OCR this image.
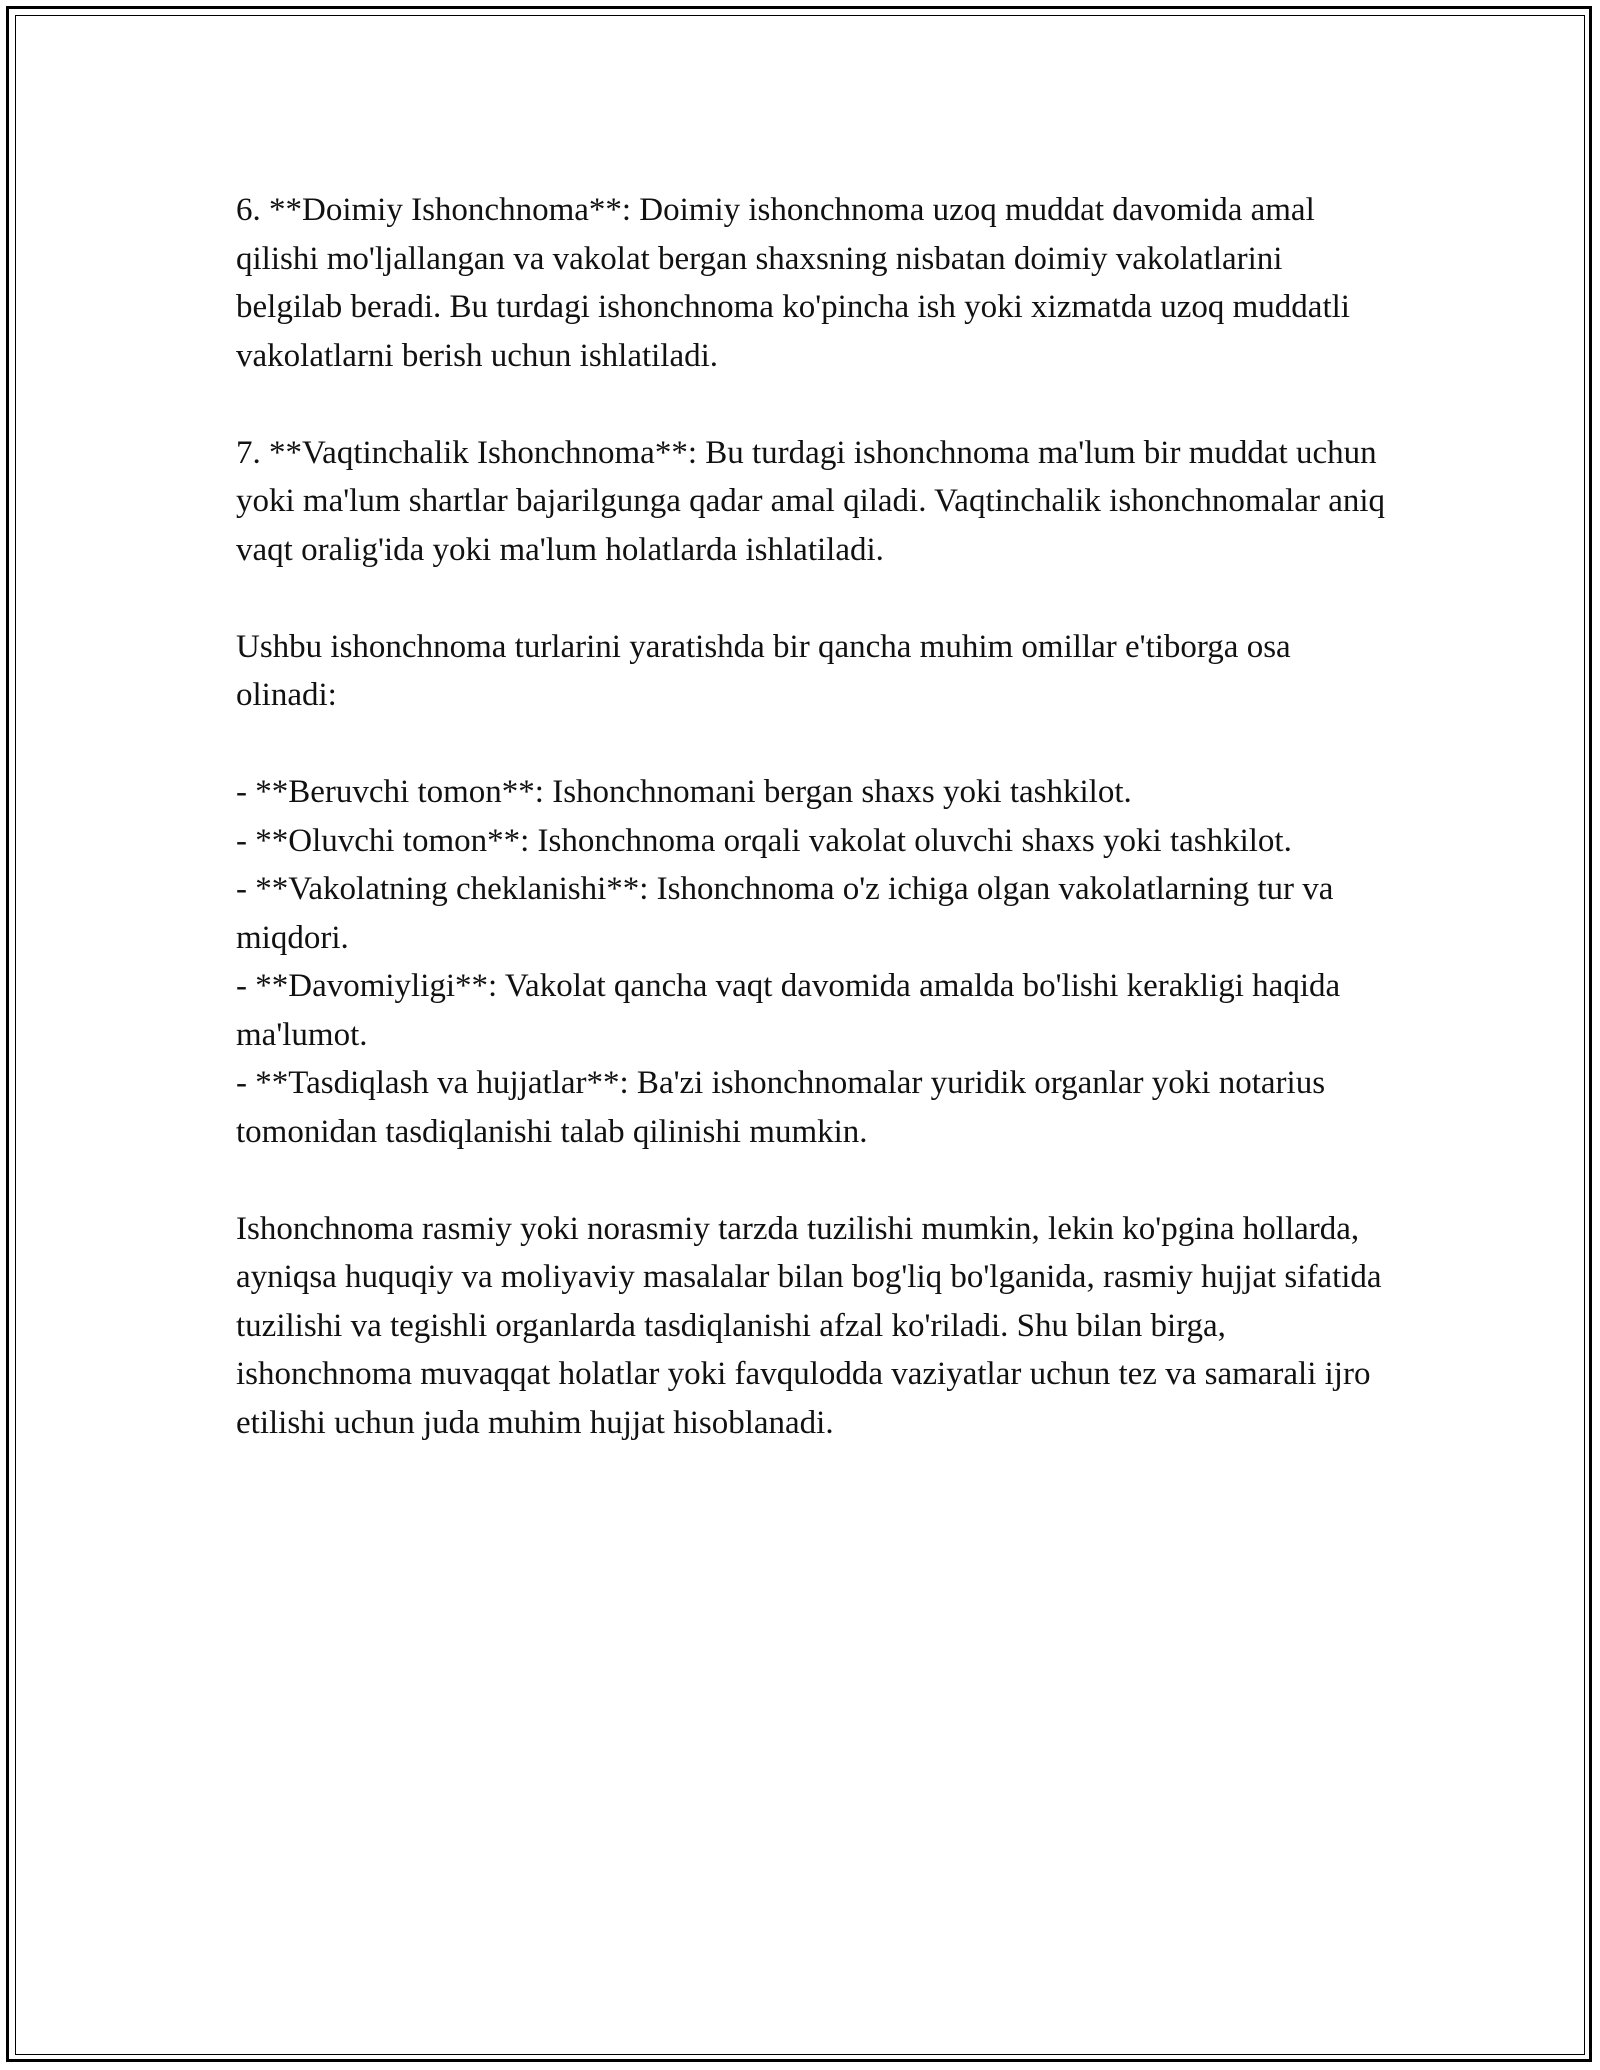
6. **Doimiy Ishonchnoma**: Doimiy ishonchnoma uzoq muddat davomida amal qilishi mo'ljallangan va vakolat bergan shaxsning nisbatan doimiy vakolatlarini belgilab beradi. Bu turdagi ishonchnoma ko'pincha ish yoki xizmatda uzoq muddatli vakolatlarni berish uchun ishlatiladi.

7. **Vaqtinchalik Ishonchnoma**: Bu turdagi ishonchnoma ma'lum bir muddat uchun yoki ma'lum shartlar bajarilgunga qadar amal qiladi. Vaqtinchalik ishonchnomalar aniq vaqt oralig'ida yoki ma'lum holatlarda ishlatiladi.

Ushbu ishonchnoma turlarini yaratishda bir qancha muhim omillar e'tiborga osa olinadi:

- **Beruvchi tomon**: Ishonchnomani bergan shaxs yoki tashkilot.
- **Oluvchi tomon**: Ishonchnoma orqali vakolat oluvchi shaxs yoki tashkilot.
- **Vakolatning cheklanishi**: Ishonchnoma o'z ichiga olgan vakolatlarning tur va miqdori.
- **Davomiyligi**: Vakolat qancha vaqt davomida amalda bo'lishi kerakligi haqida ma'lumot.
- **Tasdiqlash va hujjatlar**: Ba'zi ishonchnomalar yuridik organlar yoki notarius tomonidan tasdiqlanishi talab qilinishi mumkin.

Ishonchnoma rasmiy yoki norasmiy tarzda tuzilishi mumkin, lekin ko'pgina hollarda, ayniqsa huquqiy va moliyaviy masalalar bilan bog'liq bo'lganida, rasmiy hujjat sifatida tuzilishi va tegishli organlarda tasdiqlanishi afzal ko'riladi. Shu bilan birga, ishonchnoma muvaqqat holatlar yoki favqulodda vaziyatlar uchun tez va samarali ijro etilishi uchun juda muhim hujjat hisoblanadi.
